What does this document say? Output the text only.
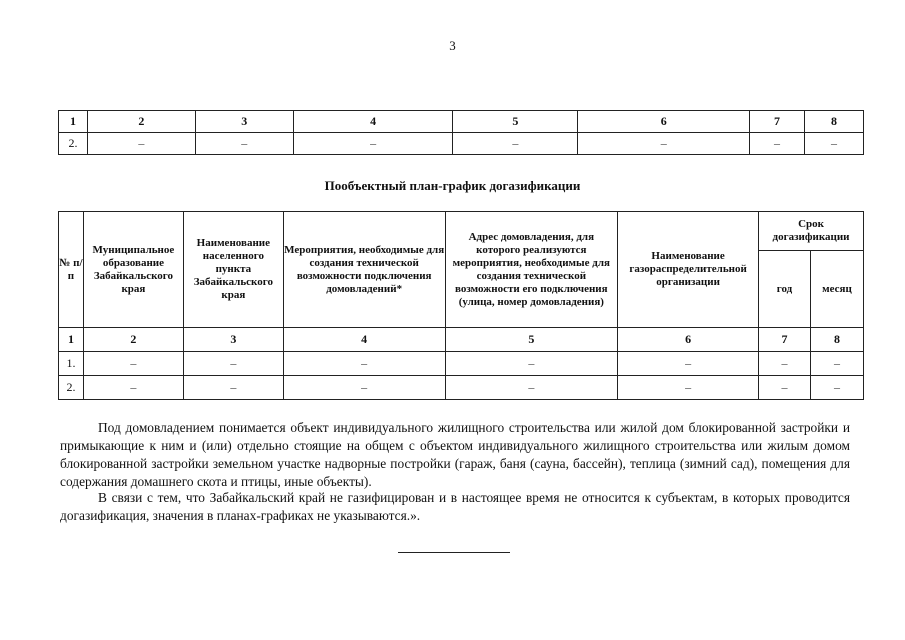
3
1	2	3	4	5	6	7	8
2.	–	–	–	–	–	–	–
Пообъектный план-график догазификации
№ п/п	Муниципальное образование Забайкальского края	Наименование населенного пункта Забайкальского края	Мероприятия, необходимые для создания технической возможности подключения домовладений*	Адрес домовладения, для которого реализуются мероприятия, необходимые для создания технической возможности его подключения (улица, номер домовладения)	Наименование газораспределительной организации	Срок догазификации	
						год	месяц
1	2	3	4	5	6	7	8
1.	–	–	–	–	–	–	–
2.	–	–	–	–	–	–	–

Под домовладением понимается объект индивидуального жилищного строительства или жилой дом блокированной застройки и примыкающие к ним и (или) отдельно стоящие на общем с объектом индивидуального жилищного строительства или жилым домом блокированной застройки земельном участке надворные постройки (гараж, баня (сауна, бассейн), теплица (зимний сад), помещения для содержания домашнего скота и птицы, иные объекты).

В связи с тем, что Забайкальский край не газифицирован и в настоящее время не относится к субъектам, в которых проводится догазификация, значения в планах-графиках не указываются.».
